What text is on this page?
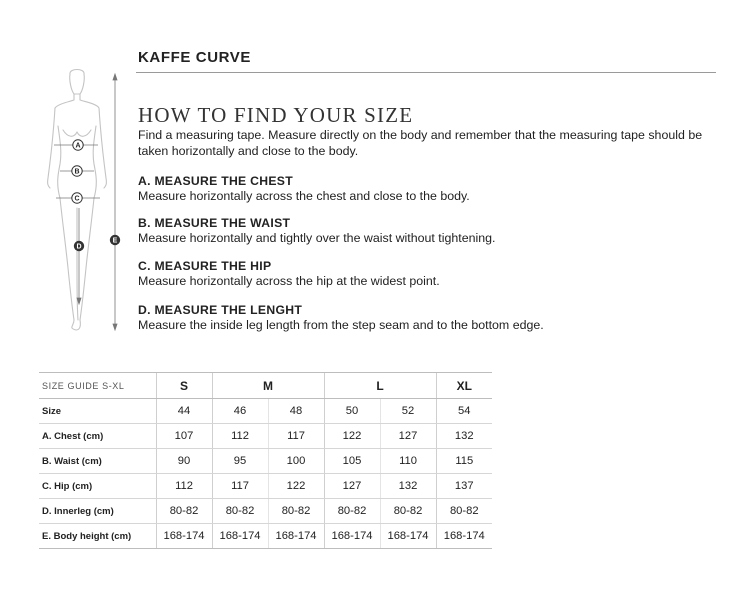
KAFFE CURVE
A
B
C
D
E
HOW TO FIND YOUR SIZE
Find a measuring tape. Measure directly on the body and remember that the measuring tape should be taken horizontally and close to the body.
A. MEASURE THE CHEST
Measure horizontally across the chest and close to the body.
B. MEASURE THE WAIST
Measure horizontally and tightly over the waist without tightening.
C. MEASURE THE HIP
Measure horizontally across the hip at the widest point.
D. MEASURE THE LENGHT
Measure the inside leg length from the step seam and to the bottom edge.
SIZE GUIDE S-XL	S	M		L		XL
Size	44	46	48	50	52	54
A. Chest (cm)	107	112	117	122	127	132
B. Waist (cm)	90	95	100	105	110	115
C. Hip (cm)	112	117	122	127	132	137
D. Innerleg (cm)	80-82	80-82	80-82	80-82	80-82	80-82
E. Body height (cm)	168-174	168-174	168-174	168-174	168-174	168-174
